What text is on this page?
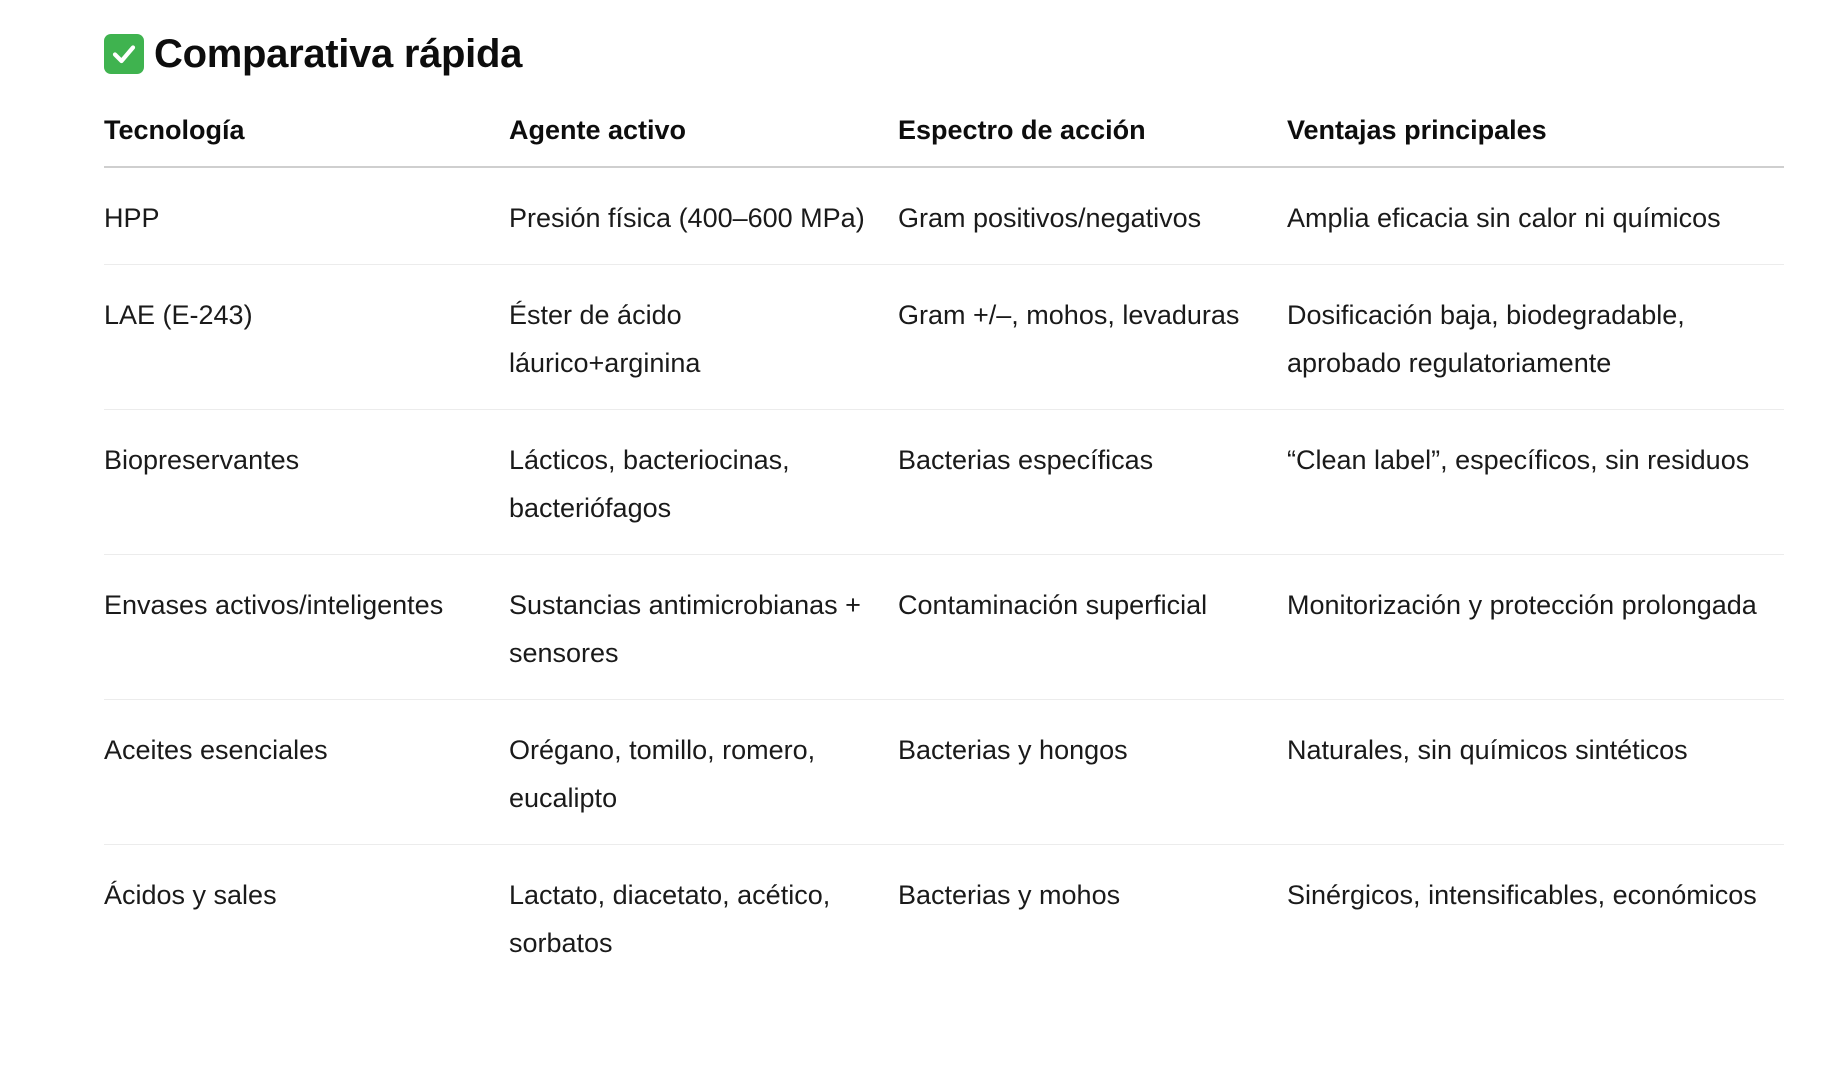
Comparativa rápida
Tecnología	Agente activo	Espectro de acción	Ventajas principales

HPP	Presión física (400–600 MPa)	Gram positivos/negativos	Amplia eficacia sin calor ni químicos

LAE (E-243)	Éster de ácido láurico+arginina	Gram +/–, mohos, levaduras	Dosificación baja, biodegradable, aprobado regulatoriamente

Biopreservantes	Lácticos, bacteriocinas, bacteriófagos	Bacterias específicas	“Clean label”, específicos, sin residuos

Envases activos/inteligentes	Sustancias antimicrobianas + sensores	Contaminación superficial	Monitorización y protección prolongada

Aceites esenciales	Orégano, tomillo, romero, eucalipto	Bacterias y hongos	Naturales, sin químicos sintéticos

Ácidos y sales	Lactato, diacetato, acético, sorbatos	Bacterias y mohos	Sinérgicos, intensificables, económicos
